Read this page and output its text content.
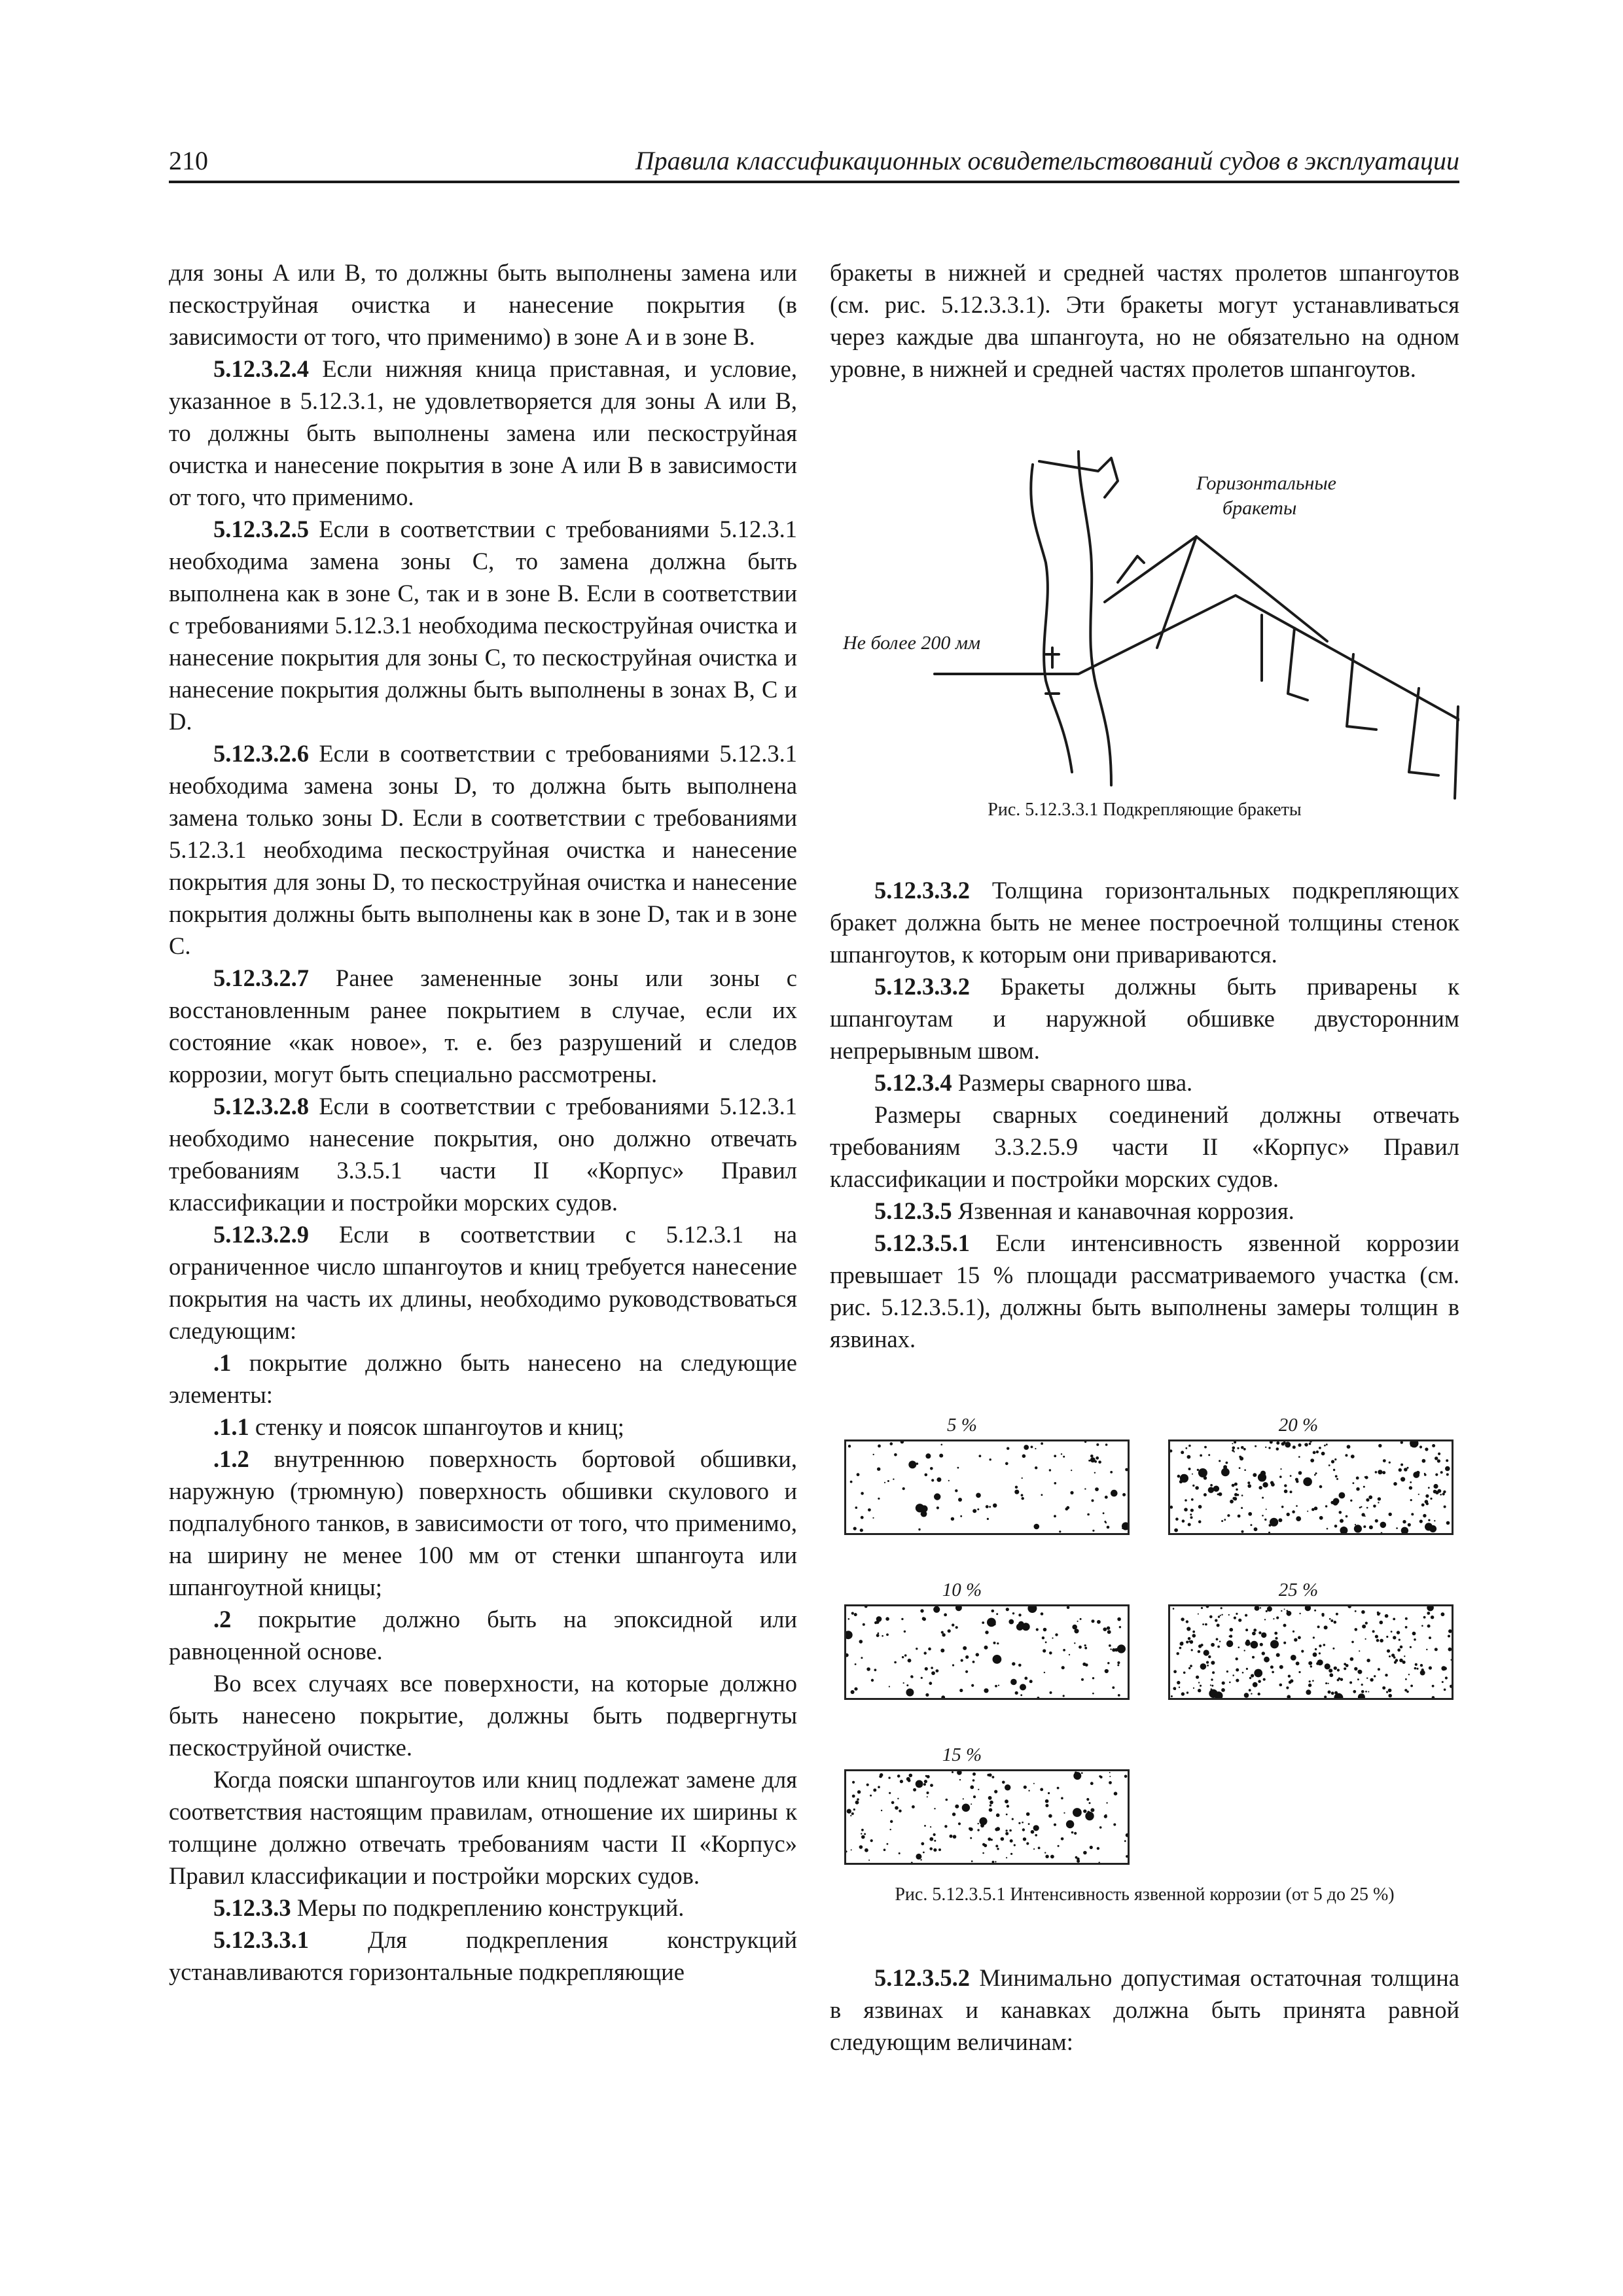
210	Правила классификационных освидетельствований судов в эксплуатации

для зоны A или B, то должны быть выполнены замена или пескоструйная очистка и нанесение покрытия (в зависимости от того, что применимо) в зоне A и в зоне B.

5.12.3.2.4 Если нижняя кница приставная, и условие, указанное в 5.12.3.1, не удовлетворяется для зоны A или B, то должны быть выполнены замена или пескоструйная очистка и нанесение покрытия в зоне A или B в зависимости от того, что применимо.

5.12.3.2.5 Если в соответствии с требованиями 5.12.3.1 необходима замена зоны C, то замена должна быть выполнена как в зоне C, так и в зоне B. Если в соответствии с требованиями 5.12.3.1 необходима пескоструйная очистка и нанесение покрытия для зоны C, то пескоструйная очистка и нанесение покрытия должны быть выполнены в зонах B, C и D.

5.12.3.2.6 Если в соответствии с требованиями 5.12.3.1 необходима замена зоны D, то должна быть выполнена замена только зоны D. Если в соответствии с требованиями 5.12.3.1 необходима пескоструйная очистка и нанесение покрытия для зоны D, то пескоструйная очистка и нанесение покрытия должны быть выполнены как в зоне D, так и в зоне C.

5.12.3.2.7 Ранее замененные зоны или зоны с восстановленным ранее покрытием в случае, если их состояние «как новое», т. е. без разрушений и следов коррозии, могут быть специально рассмотрены.

5.12.3.2.8 Если в соответствии с требованиями 5.12.3.1 необходимо нанесение покрытия, оно должно отвечать требованиям 3.3.5.1 части II «Корпус» Правил классификации и постройки морских судов.

5.12.3.2.9 Если в соответствии с 5.12.3.1 на ограниченное число шпангоутов и книц требуется нанесение покрытия на часть их длины, необходимо руководствоваться следующим:

.1 покрытие должно быть нанесено на следующие элементы:

.1.1 стенку и поясок шпангоутов и книц;

.1.2 внутреннюю поверхность бортовой обшивки, наружную (трюмную) поверхность обшивки скулового и подпалубного танков, в зависимости от того, что применимо, на ширину не менее 100 мм от стенки шпангоута или шпангоутной кницы;

.2 покрытие должно быть на эпоксидной или равноценной основе.

Во всех случаях все поверхности, на которые должно быть нанесено покрытие, должны быть подвергнуты пескоструйной очистке.

Когда пояски шпангоутов или книц подлежат замене для соответствия настоящим правилам, отношение их ширины к толщине должно отвечать требованиям части II «Корпус» Правил классификации и постройки морских судов.

5.12.3.3 Меры по подкреплению конструкций.

5.12.3.3.1 Для подкрепления конструкций устанавливаются горизонтальные подкрепляющие

бракеты в нижней и средней частях пролетов шпангоутов (см. рис. 5.12.3.3.1). Эти бракеты могут устанавливаться через каждые два шпангоута, но не обязательно на одном уровне, в нижней и средней частях пролетов шпангоутов.

Горизонтальные
бракеты
Не более 200 мм
Рис. 5.12.3.3.1 Подкрепляющие бракеты

5.12.3.3.2 Толщина горизонтальных подкрепляющих бракет должна быть не менее построечной толщины стенок шпангоутов, к которым они привариваются.

5.12.3.3.2 Бракеты должны быть приварены к шпангоутам и наружной обшивке двусторонним непрерывным швом.

5.12.3.4 Размеры сварного шва.

Размеры сварных соединений должны отвечать требованиям 3.3.2.5.9 части II «Корпус» Правил классификации и постройки морских судов.

5.12.3.5 Язвенная и канавочная коррозия.

5.12.3.5.1 Если интенсивность язвенной коррозии превышает 15 % площади рассматриваемого участка (см. рис. 5.12.3.5.1), должны быть выполнены замеры толщин в язвинах.

5 %	20 %
10 %	25 %
15 %
Рис. 5.12.3.5.1 Интенсивность язвенной коррозии (от 5 до 25 %)

5.12.3.5.2 Минимально допустимая остаточная толщина в язвинах и канавках должна быть принята равной следующим величинам:
